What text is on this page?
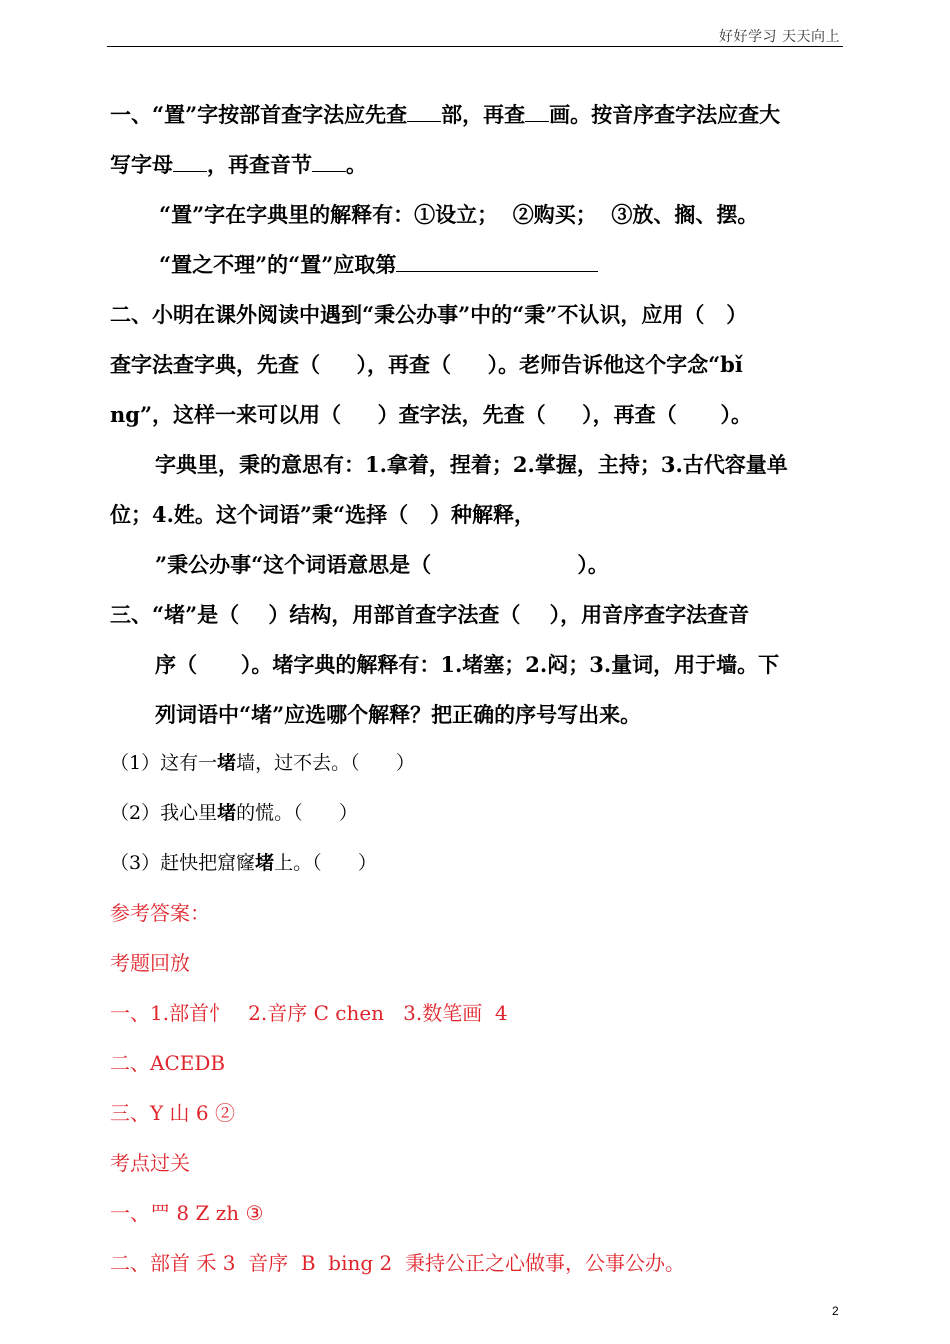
好好学习 天天向上
一、“置”字按部首查字法应先查 部，再查 画。按音序查字法应查大
写字母 ，再查音节 。
“置”字在字典里的解释有：①设立；  ②购买；  ③放、搁、摆。
“置之不理”的“置”应取第
二、小明在课外阅读中遇到“秉公办事”中的“秉”不认识，应用（   ）
查字法查字典，先查（     ），再查（     ）。老师告诉他这个字念“bǐ
ng”，这样一来可以用（     ）查字法，先查（     ），再查（      ）。
字典里，秉的意思有：1.拿着，捏着；2.掌握，主持；3.古代容量单
位；4.姓。这个词语”秉“选择（   ）种解释，
”秉公办事“这个词语意思是（                    ）。
三、“堵”是（    ）结构，用部首查字法查（    ），用音序查字法查音
序（      ）。堵字典的解释有：1.堵塞；2.闷；3.量词，用于墙。下
列词语中“堵”应选哪个解释？把正确的序号写出来。
（1）这有一堵墙，过不去。（      ）
（2）我心里堵的慌。（      ）
（3）赶快把窟窿堵上。（      ）
参考答案：
考题回放
一、1.部首忄   2.音序 C chen   3.数笔画  4
二、ACEDB
三、Y 山 6 ②
考点过关
一、罒 8 Z zh ③
二、部首 禾 3  音序  B  bing 2  秉持公正之心做事，公事公办。
2
